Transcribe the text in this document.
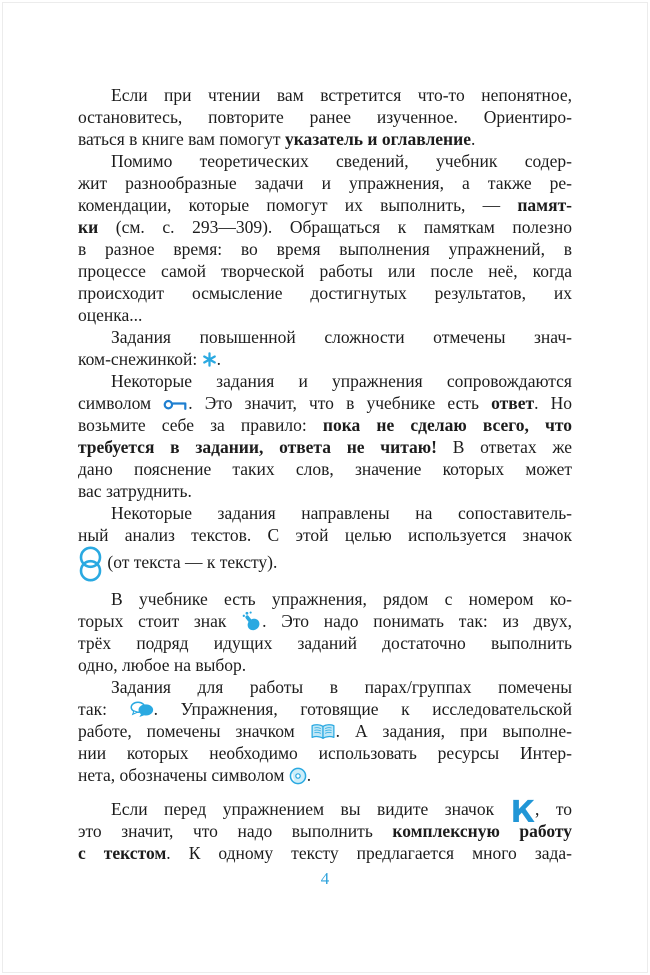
Если при чтении вам встретится что-то непонятное,
остановитесь, повторите ранее изученное. Ориентиро-
ваться в книге вам помогут указатель и оглавление.
Помимо теоретических сведений, учебник содер-
жит разнообразные задачи и упражнения, а также ре-
комендации, которые помогут их выполнить, — памят-
ки (см. с. 293—309). Обращаться к памяткам полезно
в разное время: во время выполнения упражнений, в
процессе самой творческой работы или после неё, когда
происходит осмысление достигнутых результатов, их
оценка...
Задания повышенной сложности отмечены знач-
ком-снежинкой: .
Некоторые задания и упражнения сопровождаются
символом . Это значит, что в учебнике есть ответ. Но
возьмите себе за правило: пока не сделаю всего, что
требуется в задании, ответа не читаю! В ответах же
дано пояснение таких слов, значение которых может
вас затруднить.
Некоторые задания направлены на сопоставитель-
ный анализ текстов. С этой целью используется значок
(от текста — к тексту).
В учебнике есть упражнения, рядом с номером ко-
торых стоит знак . Это надо понимать так: из двух,
трёх подряд идущих заданий достаточно выполнить
одно, любое на выбор.
Задания для работы в парах/группах помечены
так: . Упражнения, готовящие к исследовательской
работе, помечены значком . А задания, при выполне-
нии которых необходимо использовать ресурсы Интер-
нета, обозначены символом .
Если перед упражнением вы видите значок К, то
это значит, что надо выполнить комплексную работу
с текстом. К одному тексту предлагается много зада-
4
